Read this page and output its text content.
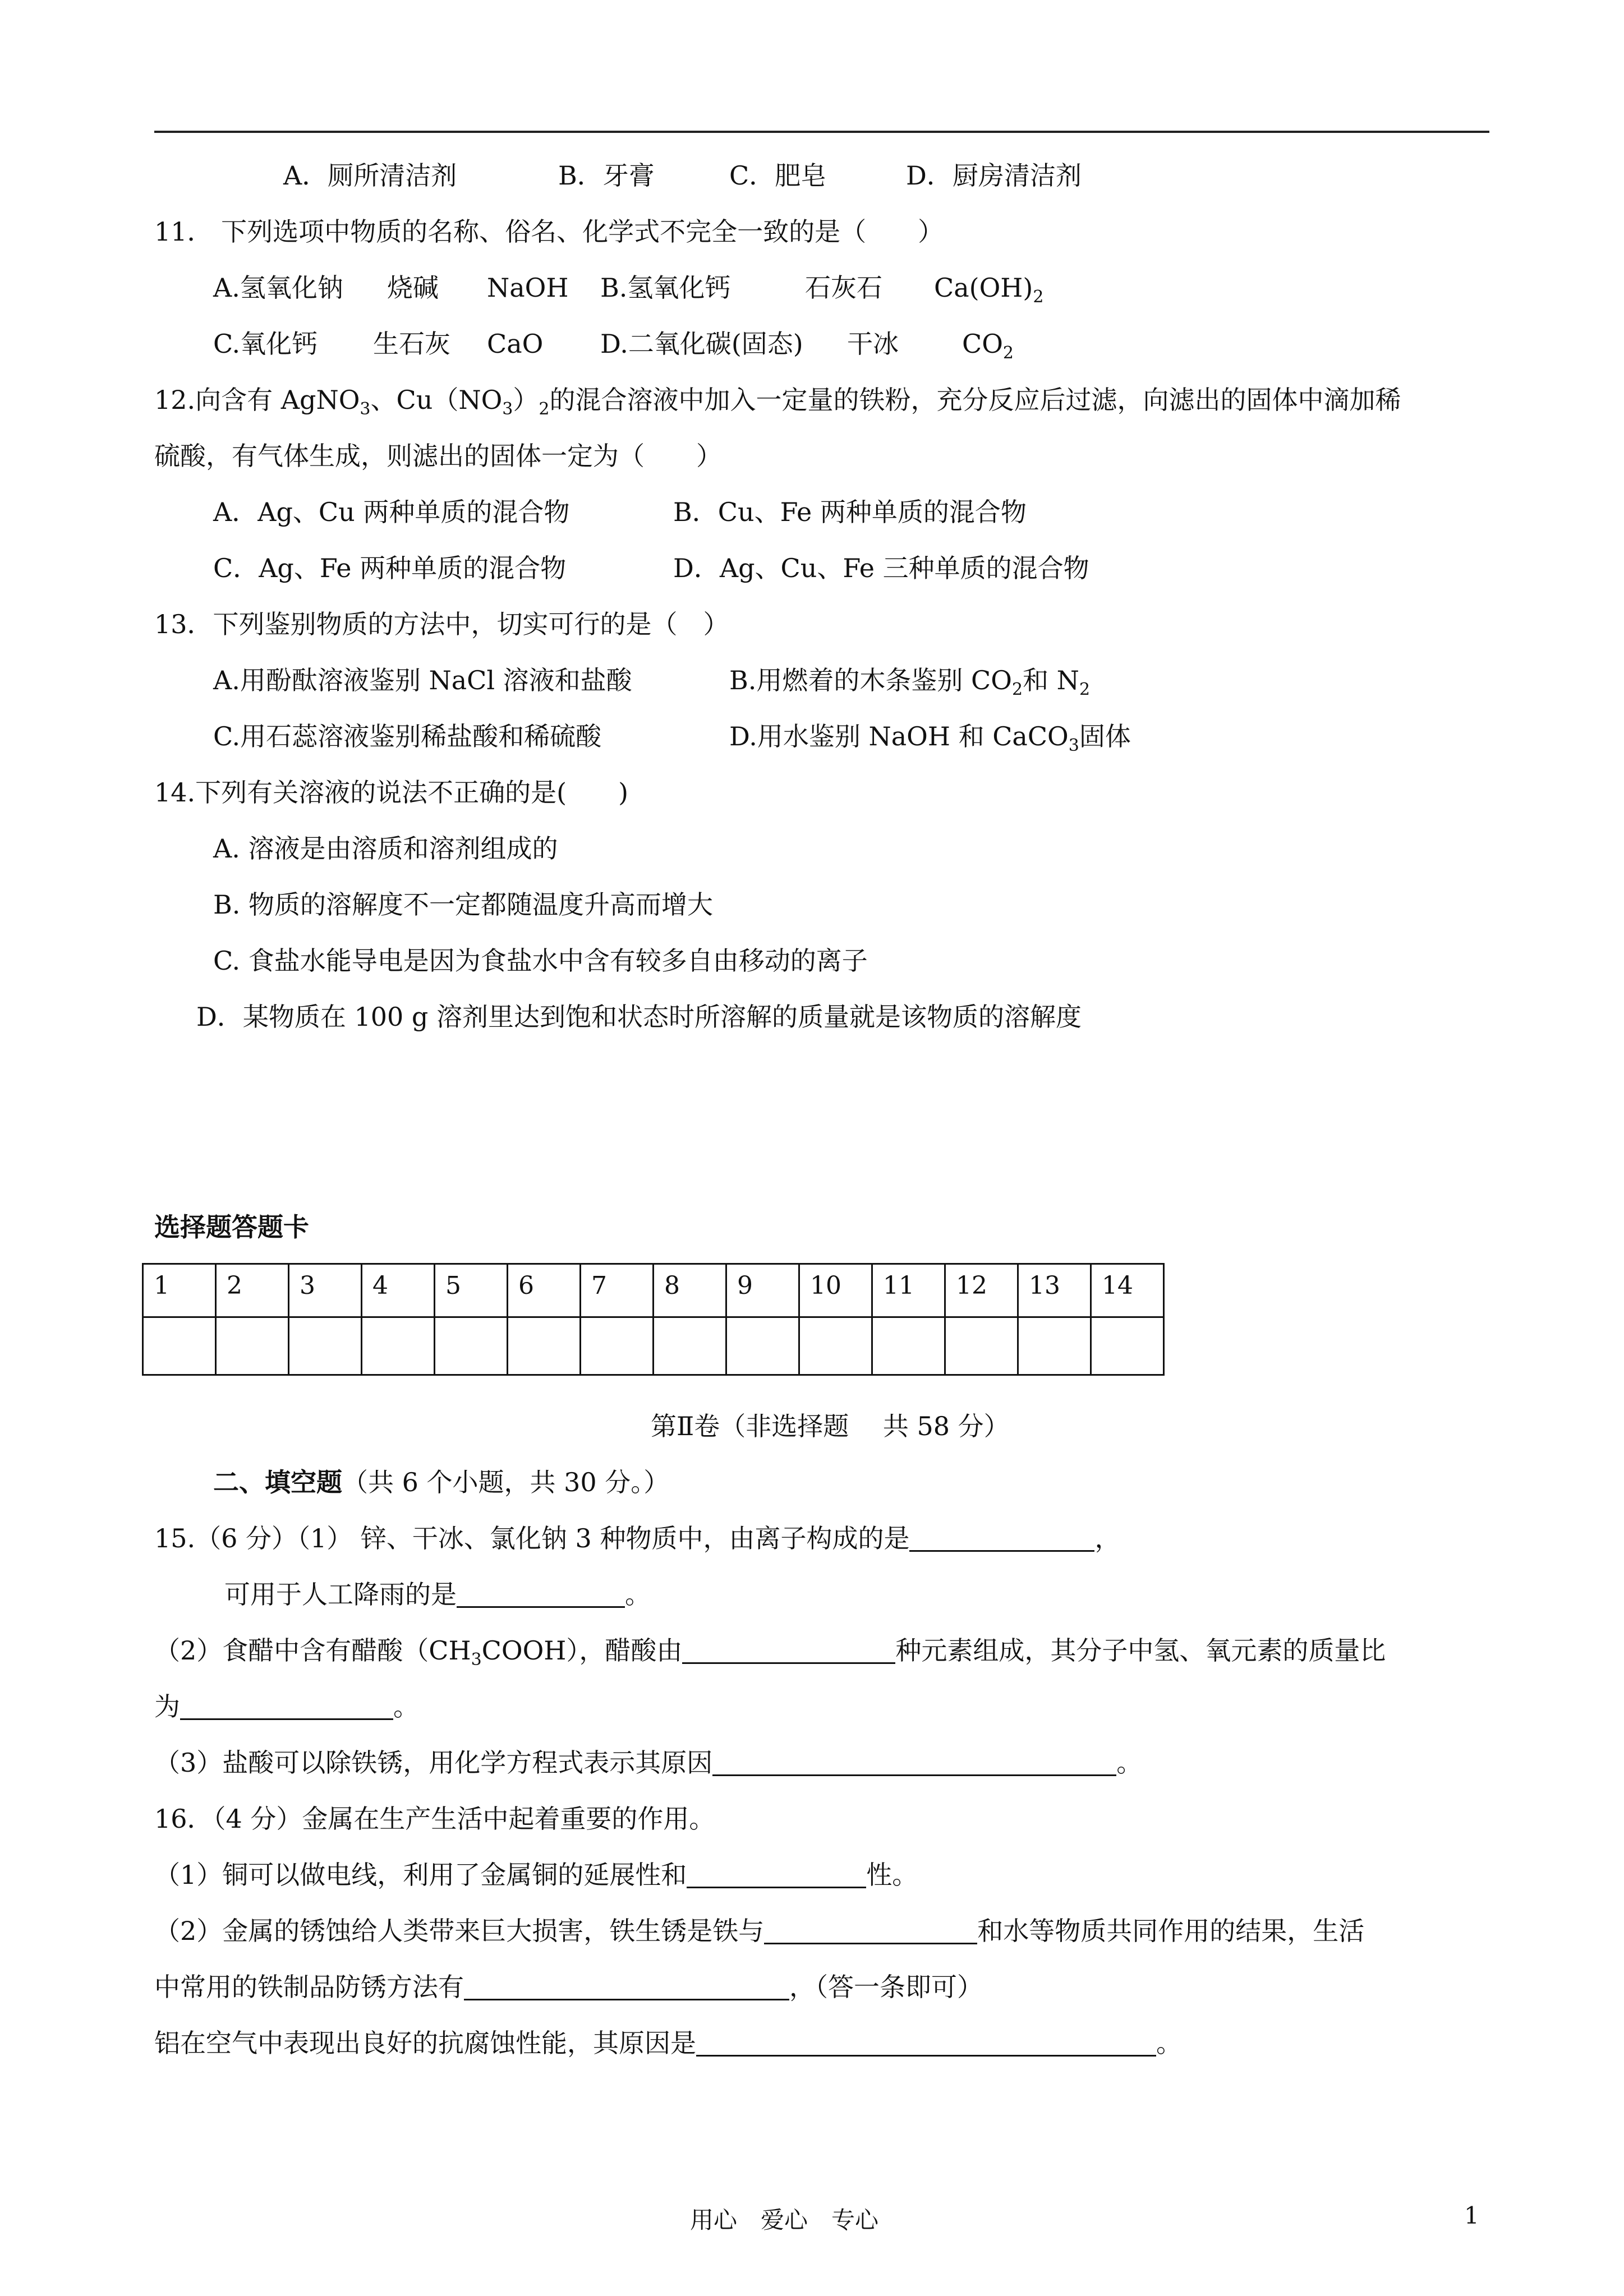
A．厕所清洁剂	B．牙膏	C．肥皂	D．厨房清洁剂
11． 下列选项中物质的名称、俗名、化学式不完全一致的是（　　）
A.氢氧化钠 烧碱 NaOH B.氢氧化钙	石灰石 $Ca(OH)_2$
C.氧化钙 生石灰 CaO D.二氧化碳(固态) 干冰 $CO_2$
12.向含有 AgNO$_3$、$Cu(NO_3)_2$的混合溶液中加入一定量的铁粉，充分反应后过滤，向滤出的固体中滴加稀
硫酸，有气体生成，则滤出的固体一定为（　　）
A．Ag、Cu 两种单质的混合物	B．Cu、Fe 两种单质的混合物
C．Ag、Fe 两种单质的混合物	D．Ag、Cu、Fe 三种单质的混合物
13．下列鉴别物质的方法中，切实可行的是（　）
A.用酚酞溶液鉴别 NaCl 溶液和盐酸	B.用燃着的木条鉴别 $CO_2$和 $N_2$
C.用石蕊溶液鉴别稀盐酸和稀硫酸	D.用水鉴别 NaOH 和 CaCO$_3$固体
14.下列有关溶液的说法不正确的是(　　)
A. 溶液是由溶质和溶剂组成的
B. 物质的溶解度不一定都随温度升高而增大
C. 食盐水能导电是因为食盐水中含有较多自由移动的离子
D．某物质在 100 g 溶剂里达到饱和状态时所溶解的质量就是该物质的溶解度
选择题答题卡
1	2	3	4	5	6	7	8	9	10	11	12	13	14

第Ⅱ卷（非选择题　 共 58 分）
二、填空题（共 6 个小题，共 30 分。）
15.（6 分）（1） 锌、干冰、氯化钠 3 种物质中，由离子构成的是	，
可用于人工降雨的是	。
（2）食醋中含有醋酸$(CH_3COOH)$，醋酸由	种元素组成，其分子中氢、氧元素的质量比
为	。
（3）盐酸可以除铁锈，用化学方程式表示其原因	。
16．（4 分）金属在生产生活中起着重要的作用。
（1）铜可以做电线，利用了金属铜的延展性和	性。
（2）金属的锈蚀给人类带来巨大损害，铁生锈是铁与	和水等物质共同作用的结果，生活
中常用的铁制品防锈方法有	，（答一条即可）
铝在空气中表现出良好的抗腐蚀性能，其原因是	。
用心　爱心　专心	1
